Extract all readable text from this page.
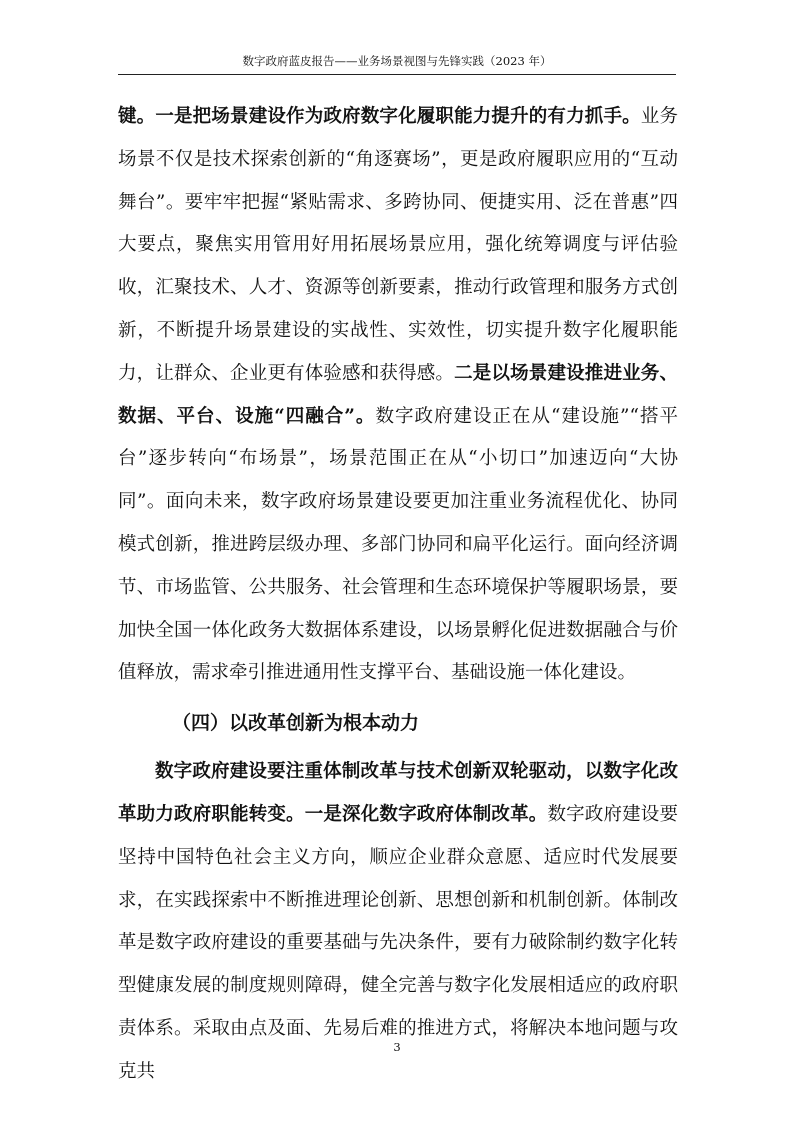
数字政府蓝皮报告——业务场景视图与先锋实践（2023 年）

键。一是把场景建设作为政府数字化履职能力提升的有力抓手。业务场景不仅是技术探索创新的“角逐赛场”，更是政府履职应用的“互动舞台”。要牢牢把握“紧贴需求、多跨协同、便捷实用、泛在普惠”四大要点，聚焦实用管用好用拓展场景应用，强化统筹调度与评估验收，汇聚技术、人才、资源等创新要素，推动行政管理和服务方式创新，不断提升场景建设的实战性、实效性，切实提升数字化履职能力，让群众、企业更有体验感和获得感。二是以场景建设推进业务、数据、平台、设施“四融合”。数字政府建设正在从“建设施”“搭平台”逐步转向“布场景”，场景范围正在从“小切口”加速迈向“大协同”。面向未来，数字政府场景建设要更加注重业务流程优化、协同模式创新，推进跨层级办理、多部门协同和扁平化运行。面向经济调节、市场监管、公共服务、社会管理和生态环境保护等履职场景，要加快全国一体化政务大数据体系建设，以场景孵化促进数据融合与价值释放，需求牵引推进通用性支撑平台、基础设施一体化建设。

（四）以改革创新为根本动力

数字政府建设要注重体制改革与技术创新双轮驱动，以数字化改革助力政府职能转变。一是深化数字政府体制改革。数字政府建设要坚持中国特色社会主义方向，顺应企业群众意愿、适应时代发展要求，在实践探索中不断推进理论创新、思想创新和机制创新。体制改革是数字政府建设的重要基础与先决条件，要有力破除制约数字化转型健康发展的制度规则障碍，健全完善与数字化发展相适应的政府职责体系。采取由点及面、先易后难的推进方式，将解决本地问题与攻克共

3
